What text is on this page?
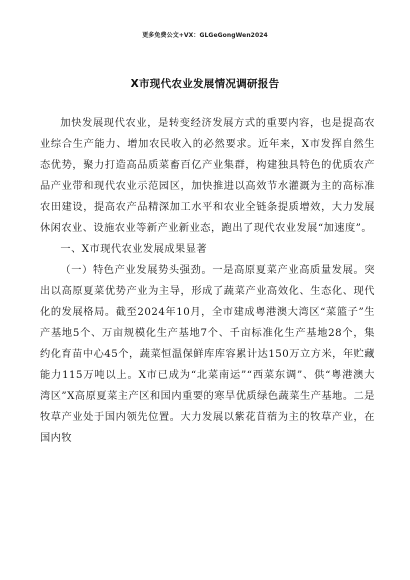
更多免费公文+VX：GLGeGongWen2024
X市现代农业发展情况调研报告

加快发展现代农业，是转变经济发展方式的重要内容，也是提高农业综合生产能力、增加农民收入的必然要求。近年来，X市发挥自然生态优势，聚力打造高品质菜畜百亿产业集群，构建独具特色的优质农产品产业带和现代农业示范园区，加快推进以高效节水灌溉为主的高标准农田建设，提高农产品精深加工水平和农业全链条提质增效，大力发展休闲农业、设施农业等新产业新业态，跑出了现代农业发展“加速度”。

一、X市现代农业发展成果显著

（一）特色产业发展势头强劲。一是高原夏菜产业高质量发展。突出以高原夏菜优势产业为主导，形成了蔬菜产业高效化、生态化、现代化的发展格局。截至2024年10月，全市建成粤港澳大湾区“菜篮子”生产基地5个、万亩规模化生产基地7个、千亩标准化生产基地28个，集约化育苗中心45个，蔬菜恒温保鲜库库容累计达150万立方米，年贮藏能力115万吨以上。X市已成为“北菜南运”“西菜东调”、供“粤港澳大湾区”X高原夏菜主产区和国内重要的寒旱优质绿色蔬菜生产基地。二是牧草产业处于国内领先位置。大力发展以紫花苜蓿为主的牧草产业，在国内牧
